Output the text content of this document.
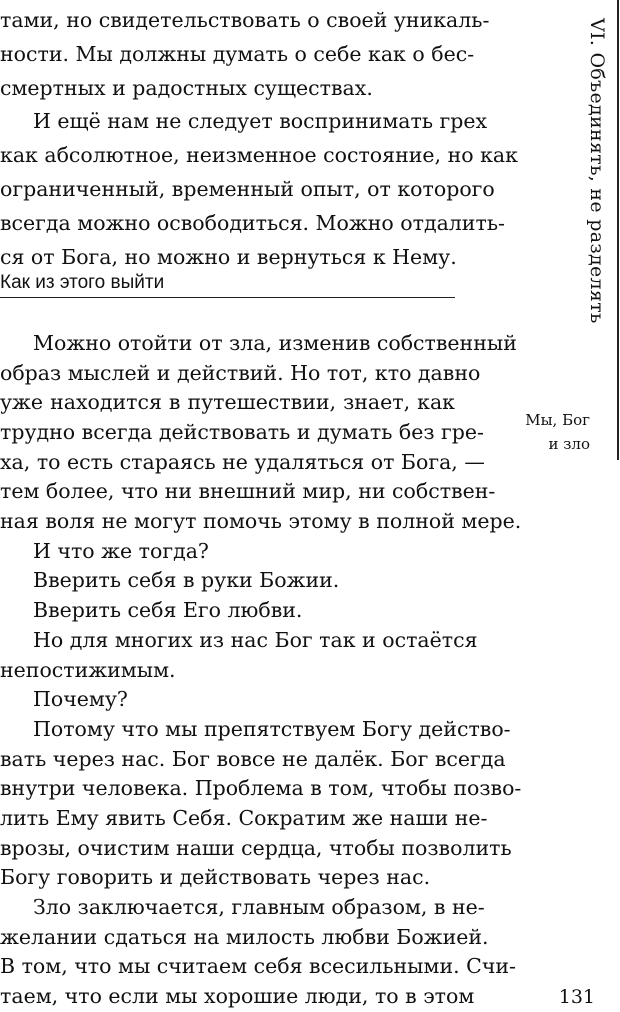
VI. Объединять, не разделять
Мы, Бог
и зло
тами, но свидетельствовать о своей уникаль-
ности. Мы должны думать о себе как о бес-
смертных и радостных существах.
И ещё нам не следует воспринимать грех
как абсолютное, неизменное состояние, но как
ограниченный, временный опыт, от которого
всегда можно освободиться. Можно отдалить-
ся от Бога, но можно и вернуться к Нему.
Как из этого выйти
Можно отойти от зла, изменив собственный
образ мыслей и действий. Но тот, кто давно
уже находится в путешествии, знает, как
трудно всегда действовать и думать без гре-
ха, то есть стараясь не удаляться от Бога, —
тем более, что ни внешний мир, ни собствен-
ная воля не могут помочь этому в полной мере.
И что же тогда?
Вверить себя в руки Божии.
Вверить себя Его любви.
Но для многих из нас Бог так и остаётся
непостижимым.
Почему?
Потому что мы препятствуем Богу действо-
вать через нас. Бог вовсе не далёк. Бог всегда
внутри человека. Проблема в том, чтобы позво-
лить Ему явить Себя. Сократим же наши не-
врозы, очистим наши сердца, чтобы позволить
Богу говорить и действовать через нас.
Зло заключается, главным образом, в не-
желании сдаться на милость любви Божией.
В том, что мы считаем себя всесильными. Счи-
таем, что если мы хорошие люди, то в этом	131
